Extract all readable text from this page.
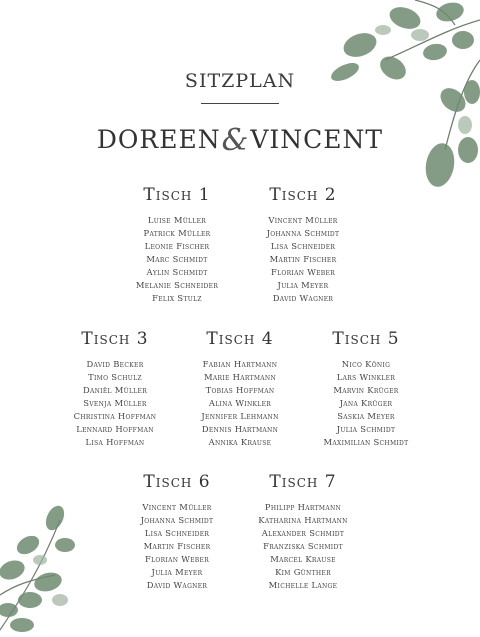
SITZPLAN
DOREEN&VINCENT
Tisch 1
Luise Müller
Patrick Müller
Leonie Fischer
Marc Schmidt
Aylin Schmidt
Melanie Schneider
Felix Stulz
Tisch 2
Vincent Müller
Johanna Schmidt
Lisa Schneider
Martin Fischer
Florian Weber
Julia Meyer
David Wagner
Tisch 3
David Becker
Timo Schulz
Daniël Müller
Svenja Müller
Christina Hoffman
Lennard Hoffman
Lisa Hoffman
Tisch 4
Fabian Hartmann
Marie Hartmann
Tobias Hoffman
Alina Winkler
Jennifer Lehmann
Dennis Hartmann
Annika Krause
Tisch 5
Nico König
Lars Winkler
Marvin Krüger
Jana Krüger
Saskia Meyer
Julia Schmidt
Maximilian Schmidt
Tisch 6
Vincent Müller
Johanna Schmidt
Lisa Schneider
Martin Fischer
Florian Weber
Julia Meyer
David Wagner
Tisch 7
Philipp Hartmann
Katharina Hartmann
Alexander Schmidt
Franziska Schmidt
Marcel Krause
Kim Günther
Michelle Lange
